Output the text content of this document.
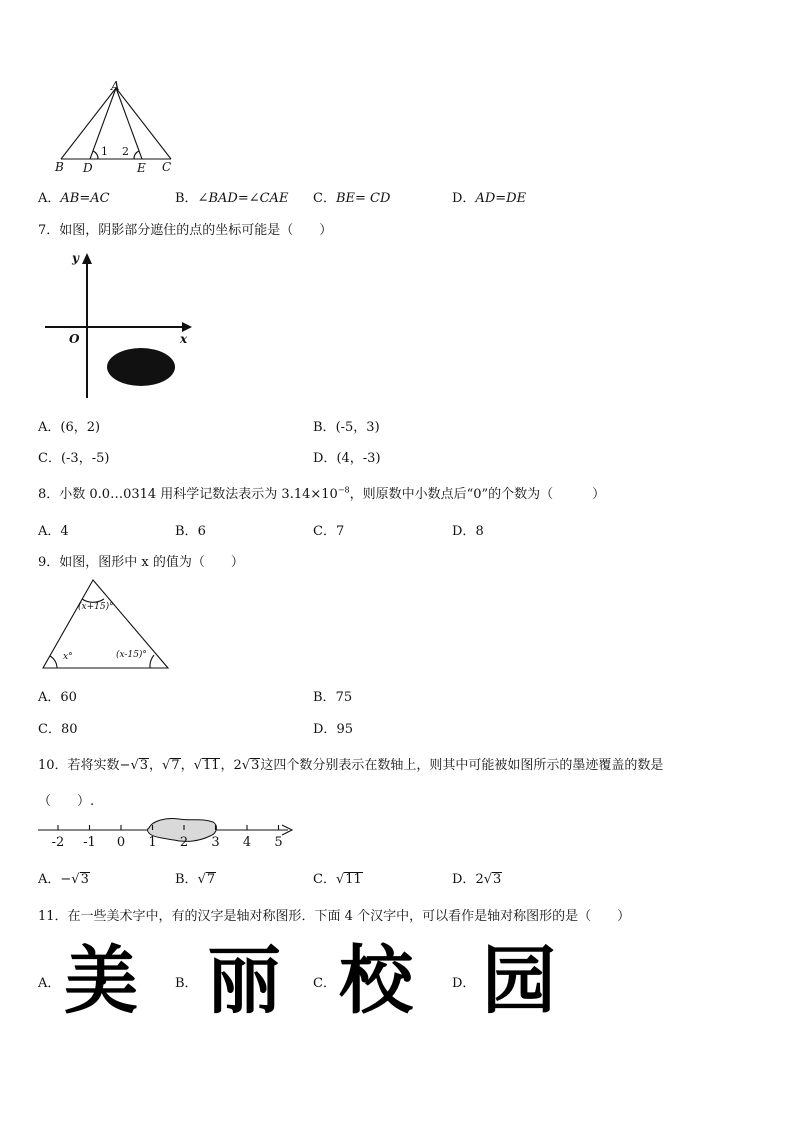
A
B D	E C
1 2
A．AB=AC	B．∠BAD=∠CAE C．BE= CD	D．AD=DE
7．如图，阴影部分遮住的点的坐标可能是（　　）
y
x
O
A．(6，2)	B．(-5，3)
C．(-3，-5)	D．(4，-3)
8．小数 0.0…0314 用科学记数法表示为 $3.14\times 10^{-8}$，则原数中小数点后“0”的个数为（　　　）
A．4	B．6	C．7	D．8
9．如图，图形中 x 的值为（　　）
(x+15)°
x°	(x-15)°
A．60	B．75
C．80	D．95
10．若将实数−√3，√7，√11，2√3这四个数分别表示在数轴上，则其中可能被如图所示的墨迹覆盖的数是
（　　）.
-2 -1 0 1 2 3 4 5
A．−√3	B．√7	C．√11	D．2√3
11．在一些美术字中，有的汉字是轴对称图形．下面 4 个汉字中，可以看作是轴对称图形的是（　　）
A． 美	B． 丽 C． 校	D． 园
